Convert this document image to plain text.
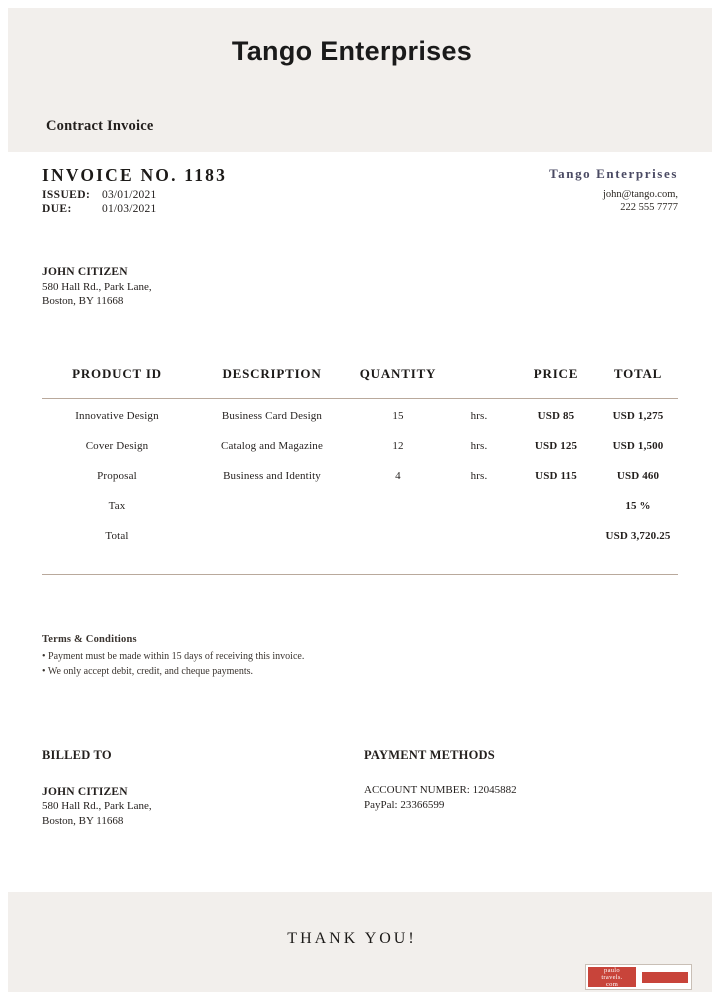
Tango Enterprises
Contract Invoice
INVOICE NO. 1183
ISSUED:	03/01/2021
DUE:	01/03/2021
Tango Enterprises
john@tango.com,
222 555 7777
JOHN CITIZEN
580 Hall Rd., Park Lane,
Boston, BY 11668
PRODUCT ID	DESCRIPTION	QUANTITY		PRICE	TOTAL
Innovative Design	Business Card Design	15	hrs.	USD 85	USD 1,275
Cover Design	Catalog and Magazine	12	hrs.	USD 125	USD 1,500
Proposal	Business and Identity	4	hrs.	USD 115	USD 460
Tax					15 %
Total					USD 3,720.25
Terms & Conditions
• Payment must be made within 15 days of receiving this invoice.
• We only accept debit, credit, and cheque payments.
BILLED TO
JOHN CITIZEN
580 Hall Rd., Park Lane,
Boston, BY 11668
PAYMENT METHODS
ACCOUNT NUMBER: 12045882
PayPal: 23366599
THANK YOU!
paulo
travels.
com
